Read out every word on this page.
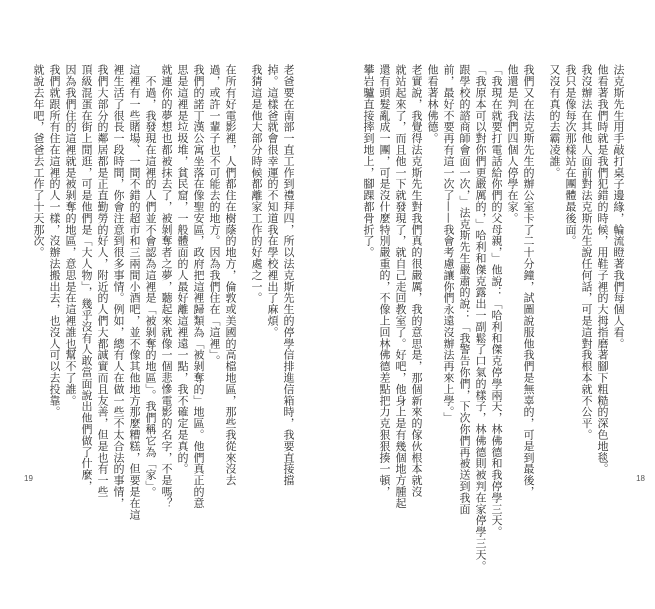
老爸要在南部一直工作到禮拜四，所以法克斯先生的停學信排進信箱時，我要直接擋

掉。這樣爸就會很幸運的不知道我在學校裡出了麻煩。

我猜這是他大部分時候都離家工作的好處之一。

在所有好電影裡，人們都住在樹蔭的地方，倫敦或美國的高檔地區，那些我從來沒去

過，或許一輩子也不可能去的地方。因為我們住在「這裡」。

我們的諾丁漢公寓坐落在像聖安區，政府把這裡歸類為「被剝奪的」地區。他們真正的意

思是這裡是垃圾堆，貧民窟，一般體面的人最好離這裡遠一點，我不確定是真的。

就連你的夢想也都被抹去了，被剝奪者之夢，聽起來就像一個悲慘電影的名字，不是嗎？

　不過，我發現在這裡的人們並不會認為這裡是「被剝奪的地區」。我們稱它為「家」。

這裡有一些賭場、一間不錯的超市和三兩間小酒吧，並不像其他地方那麼糟糕，但要是在這

裡生活了很長一段時間，你會注意到很多事情。例如，總有人在做一些不太合法的事情，

我們大部分的鄰居都是正直勤勞的好人，附近的人們大都誠實而且友善，但是也有一些

頂級混蛋在街上閒逛，可是他們是「大人物」，幾乎沒有人敢當面說出他們做了什麼，

因為我們住的這裡就是被剝奪的地區，意思是在這裡誰也幫不了誰。

我們就跟所有住在這裡的人一樣，沒辦法搬出去，也沒人可以去投靠。

就說去年吧，爸爸去工作了十天那次。

19

法克斯先生用手敲打桌子邊緣，輪流瞪著我們每個人看。

他看著我們時就是我們犯錯的時候，用鞋子裡的大拇指磨著腳下粗糙的深色地毯。

我沒辦法在其他人面前對法克斯先生說任何話，可是這對我根本就不公平。

我只是像每次那樣站在團體最後面。

又沒有真的去霸凌誰。

我們又在法克斯先生的辦公室卡了二十分鐘，試圖說服他我們是無辜的，可是到最後，

他還是判我們四個人停學在家。

「我現在就要打電話給你們的父母親，」他說：「哈利和傑克停學兩天，林佛德和我停學三天。

「我原本可以對你們更嚴厲的，」哈利和傑克露出一副鬆了口氣的樣子，林佛德則被判在家停學三天。

跟學校的諮商師會面一次，」法克斯先生嚴肅的說：「我警告你們，下次你們再被送到我面

前，最好不要再有這一次了——我會考慮讓你們永遠沒辦法再來上學。」

他看著林佛德。

老實說，我覺得法克斯先生對我們真的很嚴厲，我的意思是，那個新來的傢伙根本就沒

就站起來了，而且他一下就發現了，就自己走回教室了。好吧，他身上是有幾個地方腫起

還有頭髮亂成一團，可是沒什麼特別嚴重的，不像上回林佛德差點把力克狠狠揍一頓，

攀岩驢直接摔到地上，腳踝都骨折了。

18
